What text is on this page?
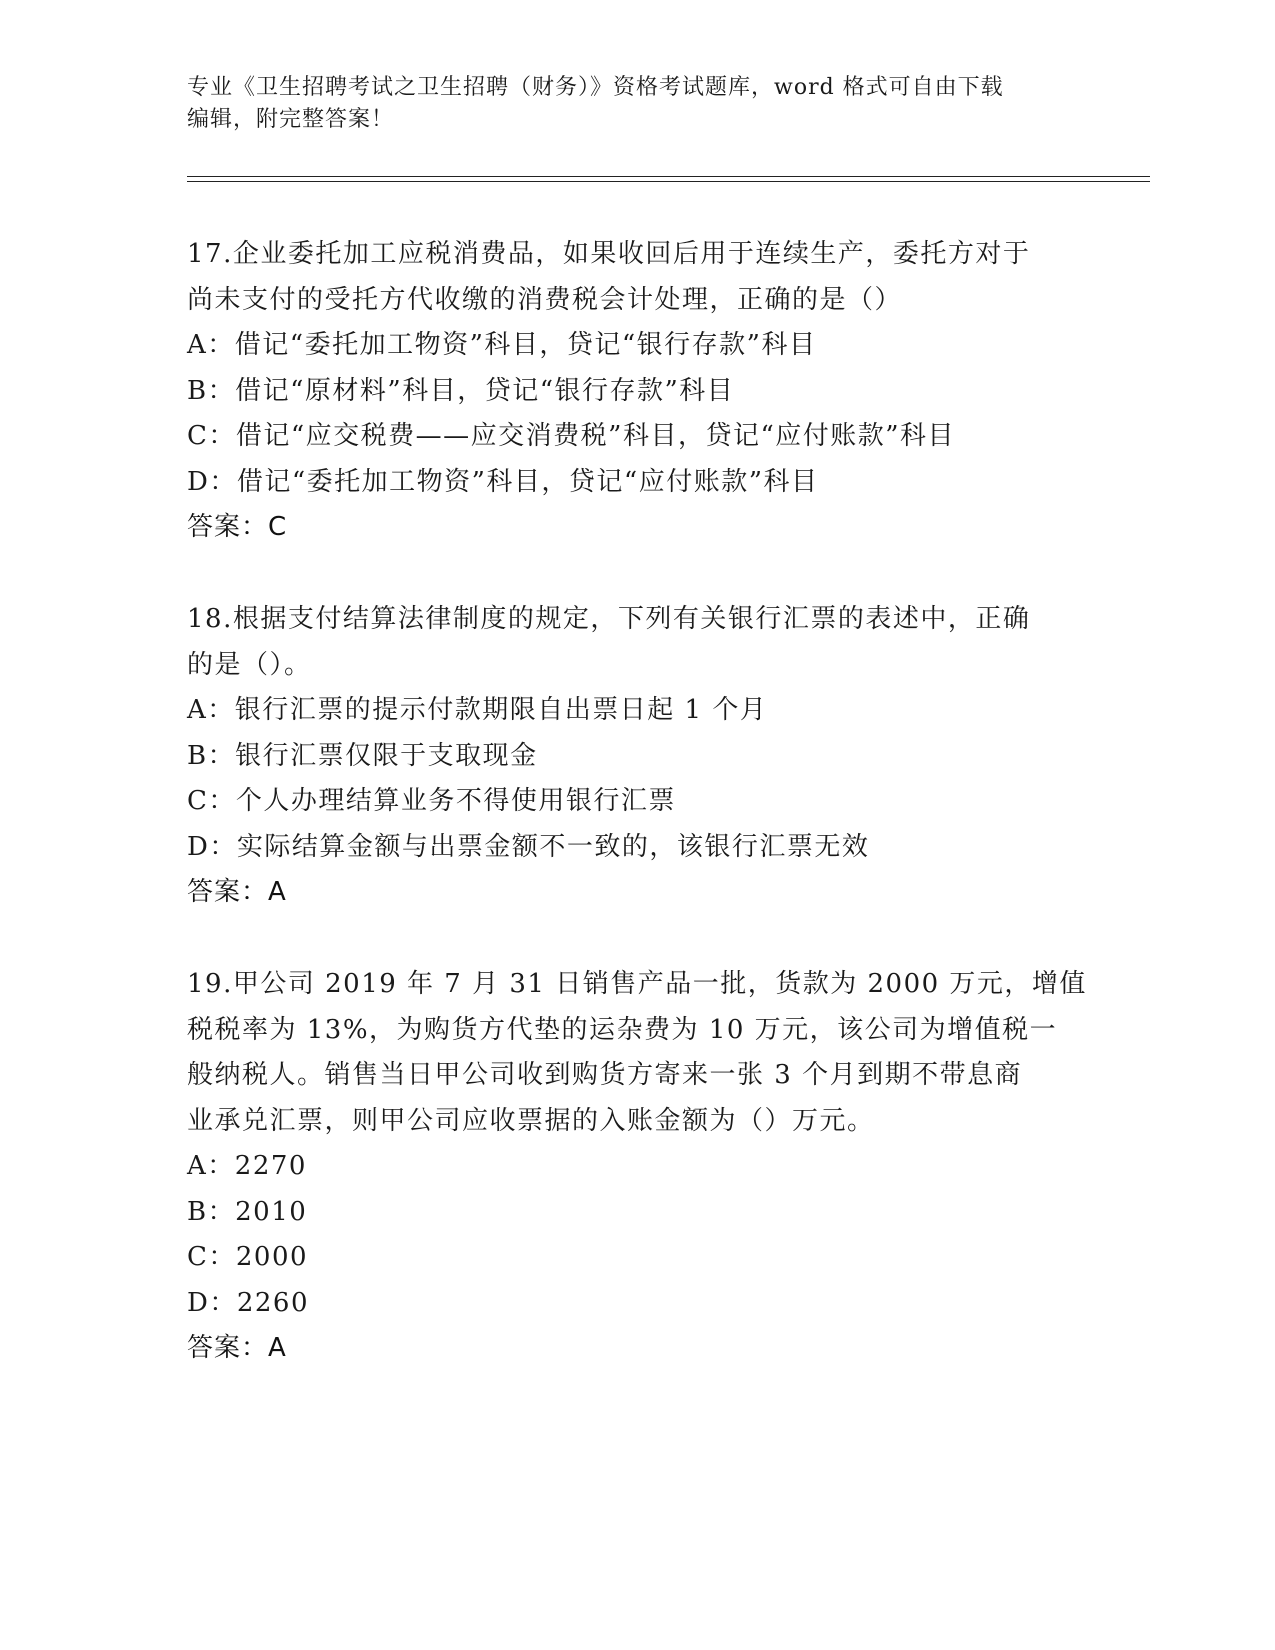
专业《卫生招聘考试之卫生招聘（财务）》资格考试题库，word 格式可自由下载
编辑，附完整答案！
17.企业委托加工应税消费品，如果收回后用于连续生产，委托方对于
尚未支付的受托方代收缴的消费税会计处理，正确的是（）
A：借记“委托加工物资”科目，贷记“银行存款”科目
B：借记“原材料”科目，贷记“银行存款”科目
C：借记“应交税费——应交消费税”科目，贷记“应付账款”科目
D：借记“委托加工物资”科目，贷记“应付账款”科目
答案：C
18.根据支付结算法律制度的规定，下列有关银行汇票的表述中，正确
的是（）。
A：银行汇票的提示付款期限自出票日起 1 个月
B：银行汇票仅限于支取现金
C：个人办理结算业务不得使用银行汇票
D：实际结算金额与出票金额不一致的，该银行汇票无效
答案：A
19.甲公司 2019 年 7 月 31 日销售产品一批，货款为 2000 万元，增值
税税率为 13%，为购货方代垫的运杂费为 10 万元，该公司为增值税一
般纳税人。销售当日甲公司收到购货方寄来一张 3 个月到期不带息商
业承兑汇票，则甲公司应收票据的入账金额为（）万元。
A：2270
B：2010
C：2000
D：2260
答案：A
